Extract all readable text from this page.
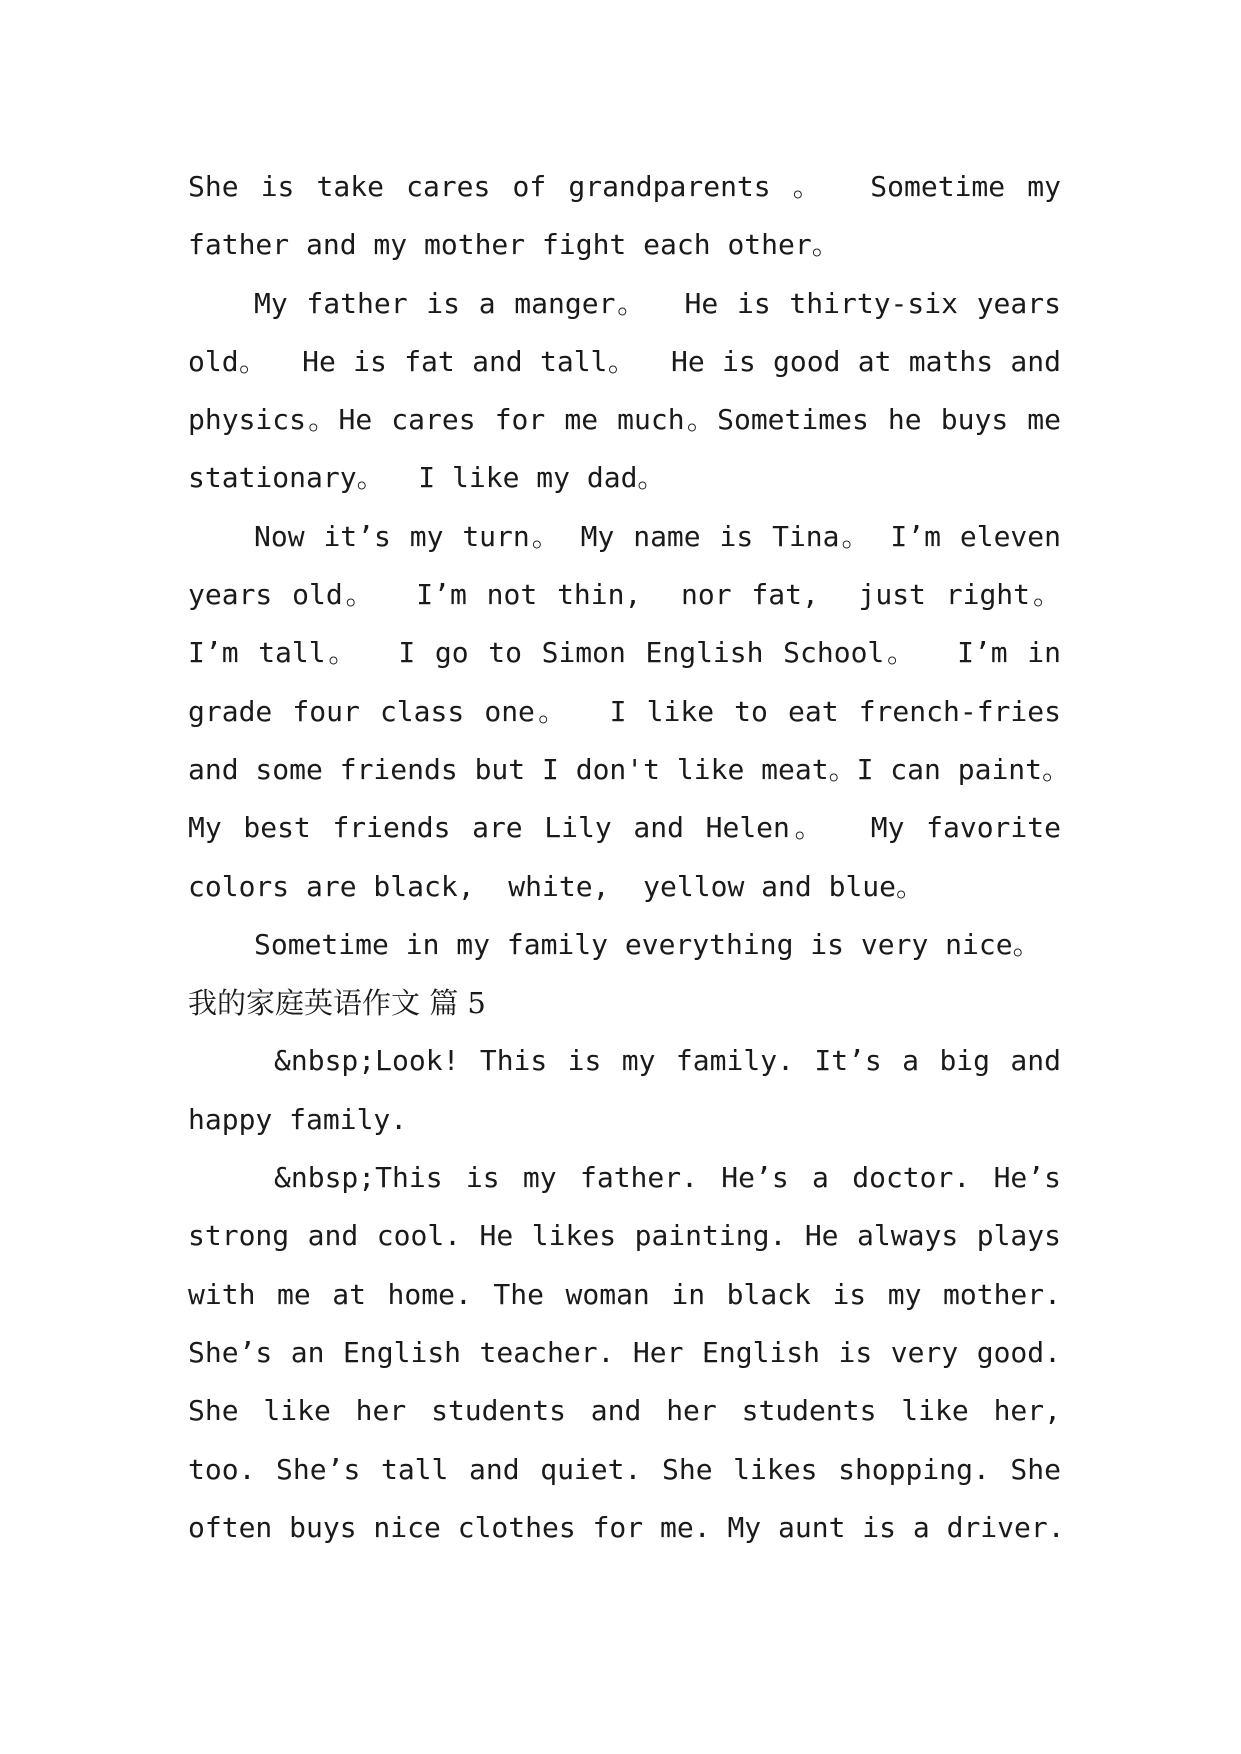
She is take cares of grandparents 。  Sometime my
father and my mother fight each other。
My father is a manger。  He is thirty-six years
old。  He is fat and tall。  He is good at maths and
physics。He cares for me much。Sometimes he buys me
stationary。  I like my dad。
Now it’s my turn。 My name is Tina。 I’m eleven
years old。  I’m not thin,  nor fat,  just right。
I’m tall。  I go to Simon English School。  I’m in
grade four class one。  I like to eat french-fries
and some friends but I don't like meat。I can paint。
My best friends are Lily and Helen。  My favorite
colors are black,  white,  yellow and blue。
Sometime in my family everything is very nice。
我的家庭英语作文 篇 5
&nbsp;Look! This is my family. It’s a big and
happy family.
&nbsp;This is my father. He’s a doctor. He’s
strong and cool. He likes painting. He always plays
with me at home. The woman in black is my mother.
She’s an English teacher. Her English is very good.
She like her students and her students like her,
too. She’s tall and quiet. She likes shopping. She
often buys nice clothes for me. My aunt is a driver.
